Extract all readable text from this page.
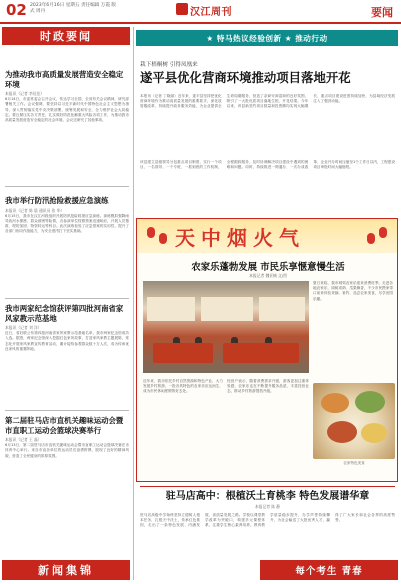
02 2023年6月16日 星期五 责任编辑 万霞 版式 周丹	汉江周刊	要闻
时政要闻
为推动我市高质量发展营造安全稳定环境
本报讯（记者 李佳佳）

6月14日，市委常委会召开会议，传达学习全国、全省有关会议精神，研究部署相关工作。会议强调，要坚持以习近平新时代中国特色社会主义思想为指导，深入贯彻落实党中央决策部署，统筹发展和安全，全力维护社会大局稳定。要压紧压实各方责任，扎实做好防范化解重大风险各项工作，为推动我市高质量发展营造安全稳定的社会环境。会议还研究了其他事项。

我市举行防汛抢险救援应急演练
本报讯（记者 陈 晨 通讯员 张 华）

6月15日，我市在汉江河段组织开展防汛抢险救援应急演练。演练模拟强降雨导致河水暴涨、群众被困等险情，各参演单位按照预案迅速响应，开展人员搜救、堤防加固、物资转运等科目。此次演练检验了应急预案的实用性，提升了各部门协同作战能力，为安全度汛打下坚实基础。

我市两家纪念馆获评第四批河南省家风家教示范基地
本报讯（记者 刘 洋）

近日，省妇联公布第四批河南省家风家教示范基地名单，我市两家纪念馆成功入选。据悉，两家纪念馆深入挖掘红色家风故事，打造家风家教主题展陈，常态化开展家风家教宣传教育活动，累计接待参观群众数十万人次，成为传承优良家风的重要阵地。

第二届驻马店市直机关趣味运动会暨市直职工运动会篮球决赛举行
本报讯（记者 王 磊）

6月13日，第二届驻马店市直机关趣味运动会暨市直职工运动会篮球决赛在市体育中心举行。来自市直各单位的运动员们奋勇拼搏，展现了良好的精神风貌，营造了全民健身的浓厚氛围。

新闻集锦
★ 特马热议经验创新 ★ 推动行动
栽下梧桐树 引得凤凰来
遂平县优化营商环境推动项目落地开花

本报讯（记者 丁晓丽）近年来，遂平县坚持把优化营商环境作为推动高质量发展的重要抓手，深化放管服改革，持续提升政务服务效能，为企业提供全生命周期服务，营造了亲商安商富商的良好氛围，吸引了一大批优质项目落地生根、开花结果。今年以来，该县新签约项目数量和投资额均实现大幅增长，重点项目建设进度持续加快，为县域经济发展注入了强劲动能。

该县建立县级领导分包重点项目制度，实行一个项目、一名领导、一个专班、一抓到底的工作机制，全程跟踪服务，及时协调解决项目建设中遇到的困难和问题。同时，持续推进一网通办、一次办成改革，企业开办时间压缩至1个工作日以内，工程建设项目审批时间大幅缩短。

天中烟火气
农家乐蓬勃发展 市民乐享惬意慢生活
本报记者 魏亚楠 文/图
夏日来临，我市城郊农家乐迎来消费旺季。走进各地农家乐，绿树成荫、瓜果飘香，不少市民携家带口前来体验采摘、垂钓、品尝农家美食，尽享田园乐趣。
近年来，我市依托乡村自然资源和特色产业，大力发展乡村旅游，一批各具特色的农家乐应运而生，成为市民休闲度假的好去处。
经营户表示，随着消费需求升级，游客更加注重体验感，农家乐也在不断提升服务品质、丰富经营业态，推动乡村旅游提档升级。
农家特色美食
驻马店高中：根植沃土育桃李 特色发展谱华章
本报记者 陈 静

驻马店高级中学始终坚持立德树人根本任务，扎根天中沃土，传承红色基因，走出了一条特色发展、内涵发展、高质量发展之路。学校以课堂教学改革为突破口，构建多元课程体系，注重学生核心素养培养，教育教学质量稳步提升，办学声誉持续攀升，为社会输送了大批优秀人才，赢得了广大家长和社会各界的高度赞誉。

每个考生 青春
